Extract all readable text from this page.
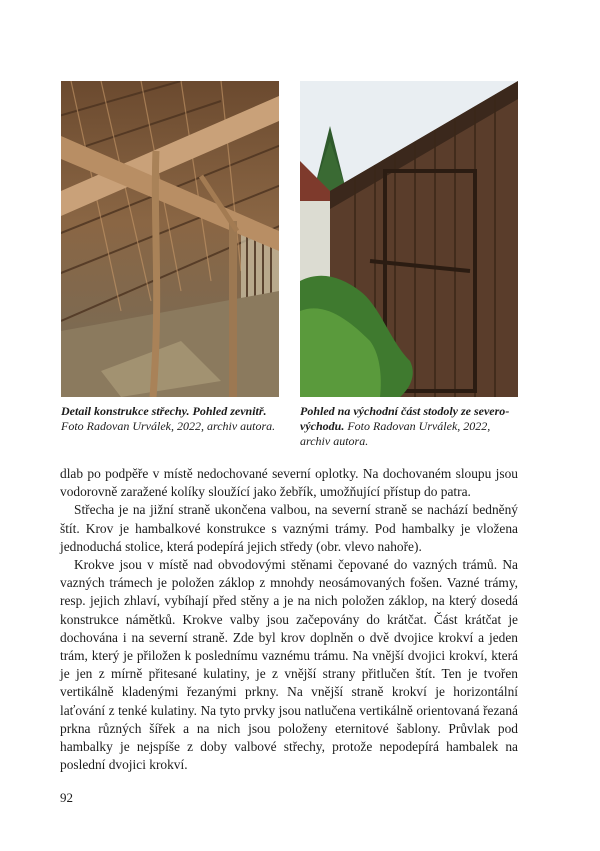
Detail konstrukce střechy. Pohled zevnitř. Foto Radovan Urválek, 2022, archiv autora.
Pohled na východní část stodoly ze severovýchodu. Foto Radovan Urválek, 2022, archiv autora.

dlab po podpěře v místě nedochované severní oplotky. Na dochovaném sloupu jsou vodorovně zaražené kolíky sloužící jako žebřík, umožňující přístup do patra.

Střecha je na jižní straně ukončena valbou, na severní straně se nachází bedněný štít. Krov je hambalkové konstrukce s vaznými trámy. Pod hambalky je vložena jednoduchá stolice, která podepírá jejich středy (obr. vlevo nahoře).

Krokve jsou v místě nad obvodovými stěnami čepované do vazných trámů. Na vazných trámech je položen záklop z mnohdy neosámovaných fošen. Vazné trámy, resp. jejich zhlaví, vybíhají před stěny a je na nich položen záklop, na který dosedá konstrukce námětků. Krokve valby jsou začepovány do krátčat. Část krátčat je dochována i na severní straně. Zde byl krov doplněn o dvě dvojice krokví a jeden trám, který je přiložen k poslednímu vaznému trámu. Na vnější dvojici krokví, která je jen z mírně přitesané kulatiny, je z vnější strany přitlučen štít. Ten je tvořen vertikálně kladenými řezanými prkny. Na vnější straně krokví je horizontální laťování z tenké kulatiny. Na tyto prvky jsou natlučena vertikálně orientovaná řezaná prkna různých šířek a na nich jsou položeny eternitové šablony. Průvlak pod hambalky je nejspíše z doby valbové střechy, protože nepodepírá hambalek na poslední dvojici krokví.

92
